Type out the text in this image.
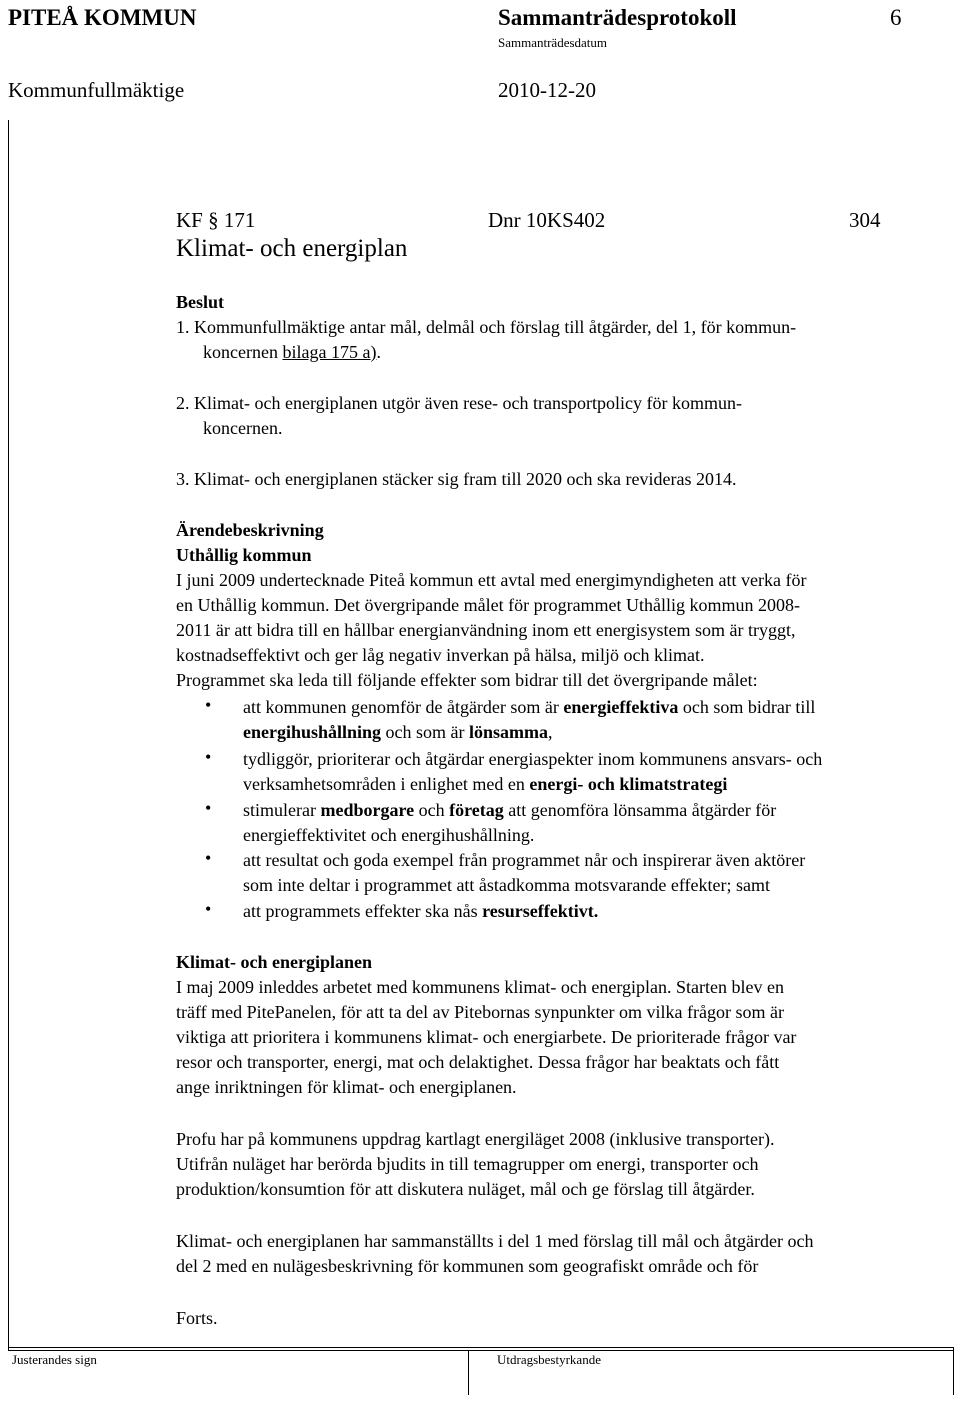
PITEÅ KOMMUN	Sammanträdesprotokoll	6
Sammanträdesdatum
Kommunfullmäktige	2010-12-20
KF § 171	Dnr 10KS402	304
Klimat- och energiplan
Beslut
1. Kommunfullmäktige antar mål, delmål och förslag till åtgärder, del 1, för kommun-
koncernen bilaga 175 a).
2. Klimat- och energiplanen utgör även rese- och transportpolicy för kommun-
koncernen.
3. Klimat- och energiplanen stäcker sig fram till 2020 och ska revideras 2014.
Ärendebeskrivning
Uthållig kommun
I juni 2009 undertecknade Piteå kommun ett avtal med energimyndigheten att verka för
en Uthållig kommun. Det övergripande målet för programmet Uthållig kommun 2008-
2011 är att bidra till en hållbar energianvändning inom ett energisystem som är tryggt,
kostnadseffektivt och ger låg negativ inverkan på hälsa, miljö och klimat.
Programmet ska leda till följande effekter som bidrar till det övergripande målet:
• att kommunen genomför de åtgärder som är energieffektiva och som bidrar till
energihushållning och som är lönsamma,
• tydliggör, prioriterar och åtgärdar energiaspekter inom kommunens ansvars- och
verksamhetsområden i enlighet med en energi- och klimatstrategi
• stimulerar medborgare och företag att genomföra lönsamma åtgärder för
energieffektivitet och energihushållning.
• att resultat och goda exempel från programmet når och inspirerar även aktörer
som inte deltar i programmet att åstadkomma motsvarande effekter; samt
• att programmets effekter ska nås resurseffektivt.
Klimat- och energiplanen
I maj 2009 inleddes arbetet med kommunens klimat- och energiplan. Starten blev en
träff med PitePanelen, för att ta del av Pitebornas synpunkter om vilka frågor som är
viktiga att prioritera i kommunens klimat- och energiarbete. De prioriterade frågor var
resor och transporter, energi, mat och delaktighet. Dessa frågor har beaktats och fått
ange inriktningen för klimat- och energiplanen.
Profu har på kommunens uppdrag kartlagt energiläget 2008 (inklusive transporter).
Utifrån nuläget har berörda bjudits in till temagrupper om energi, transporter och
produktion/konsumtion för att diskutera nuläget, mål och ge förslag till åtgärder.
Klimat- och energiplanen har sammanställts i del 1 med förslag till mål och åtgärder och
del 2 med en nulägesbeskrivning för kommunen som geografiskt område och för
Forts.
Justerandes sign	Utdragsbestyrkande
